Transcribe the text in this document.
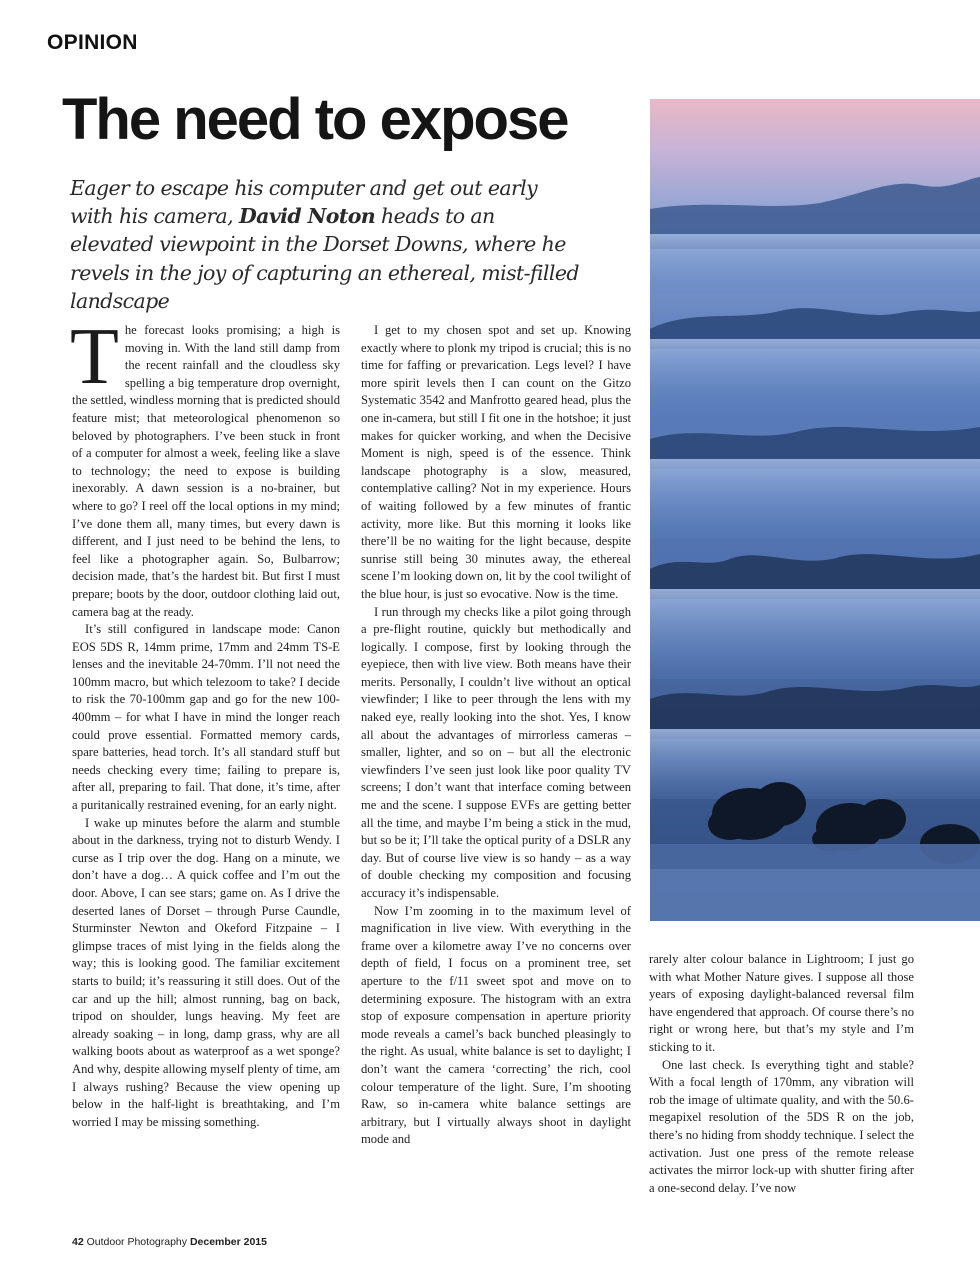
OPINION
The need to expose

Eager to escape his computer and get out early with his camera, David Noton heads to an elevated viewpoint in the Dorset Downs, where he revels in the joy of capturing an ethereal, mist-filled landscape

The forecast looks promising; a high is moving in. With the land still damp from the recent rainfall and the cloudless sky spelling a big temperature drop overnight, the settled, windless morning that is predicted should feature mist; that meteorological phenomenon so beloved by photographers. I’ve been stuck in front of a computer for almost a week, feeling like a slave to technology; the need to expose is building inexorably. A dawn session is a no-brainer, but where to go? I reel off the local options in my mind; I’ve done them all, many times, but every dawn is different, and I just need to be behind the lens, to feel like a photographer again. So, Bulbarrow; decision made, that’s the hardest bit. But first I must prepare; boots by the door, outdoor clothing laid out, camera bag at the ready.

It’s still configured in landscape mode: Canon EOS 5DS R, 14mm prime, 17mm and 24mm TS-E lenses and the inevitable 24-70mm. I’ll not need the 100mm macro, but which telezoom to take? I decide to risk the 70-100mm gap and go for the new 100-400mm – for what I have in mind the longer reach could prove essential. Formatted memory cards, spare batteries, head torch. It’s all standard stuff but needs checking every time; failing to prepare is, after all, preparing to fail. That done, it’s time, after a puritanically restrained evening, for an early night.

I wake up minutes before the alarm and stumble about in the darkness, trying not to disturb Wendy. I curse as I trip over the dog. Hang on a minute, we don’t have a dog… A quick coffee and I’m out the door. Above, I can see stars; game on. As I drive the deserted lanes of Dorset – through Purse Caundle, Sturminster Newton and Okeford Fitzpaine – I glimpse traces of mist lying in the fields along the way; this is looking good. The familiar excitement starts to build; it’s reassuring it still does. Out of the car and up the hill; almost running, bag on back, tripod on shoulder, lungs heaving. My feet are already soaking – in long, damp grass, why are all walking boots about as waterproof as a wet sponge? And why, despite allowing myself plenty of time, am I always rushing? Because the view opening up below in the half-light is breathtaking, and I’m worried I may be missing something.

I get to my chosen spot and set up. Knowing exactly where to plonk my tripod is crucial; this is no time for faffing or prevarication. Legs level? I have more spirit levels then I can count on the Gitzo Systematic 3542 and Manfrotto geared head, plus the one in-camera, but still I fit one in the hotshoe; it just makes for quicker working, and when the Decisive Moment is nigh, speed is of the essence. Think landscape photography is a slow, measured, contemplative calling? Not in my experience. Hours of waiting followed by a few minutes of frantic activity, more like. But this morning it looks like there’ll be no waiting for the light because, despite sunrise still being 30 minutes away, the ethereal scene I’m looking down on, lit by the cool twilight of the blue hour, is just so evocative. Now is the time.

I run through my checks like a pilot going through a pre-flight routine, quickly but methodically and logically. I compose, first by looking through the eyepiece, then with live view. Both means have their merits. Personally, I couldn’t live without an optical viewfinder; I like to peer through the lens with my naked eye, really looking into the shot. Yes, I know all about the advantages of mirrorless cameras – smaller, lighter, and so on – but all the electronic viewfinders I’ve seen just look like poor quality TV screens; I don’t want that interface coming between me and the scene. I suppose EVFs are getting better all the time, and maybe I’m being a stick in the mud, but so be it; I’ll take the optical purity of a DSLR any day. But of course live view is so handy – as a way of double checking my composition and focusing accuracy it’s indispensable.

Now I’m zooming in to the maximum level of magnification in live view. With everything in the frame over a kilometre away I’ve no concerns over depth of field, I focus on a prominent tree, set aperture to the f/11 sweet spot and move on to determining exposure. The histogram with an extra stop of exposure compensation in aperture priority mode reveals a camel’s back bunched pleasingly to the right. As usual, white balance is set to daylight; I don’t want the camera ‘correcting’ the rich, cool colour temperature of the light. Sure, I’m shooting Raw, so in-camera white balance settings are arbitrary, but I virtually always shoot in daylight mode and

rarely alter colour balance in Lightroom; I just go with what Mother Nature gives. I suppose all those years of exposing daylight-balanced reversal film have engendered that approach. Of course there’s no right or wrong here, but that’s my style and I’m sticking to it.

One last check. Is everything tight and stable? With a focal length of 170mm, any vibration will rob the image of ultimate quality, and with the 50.6-megapixel resolution of the 5DS R on the job, there’s no hiding from shoddy technique. I select the activation. Just one press of the remote release activates the mirror lock-up with shutter firing after a one-second delay. I’ve now

42 Outdoor Photography December 2015
